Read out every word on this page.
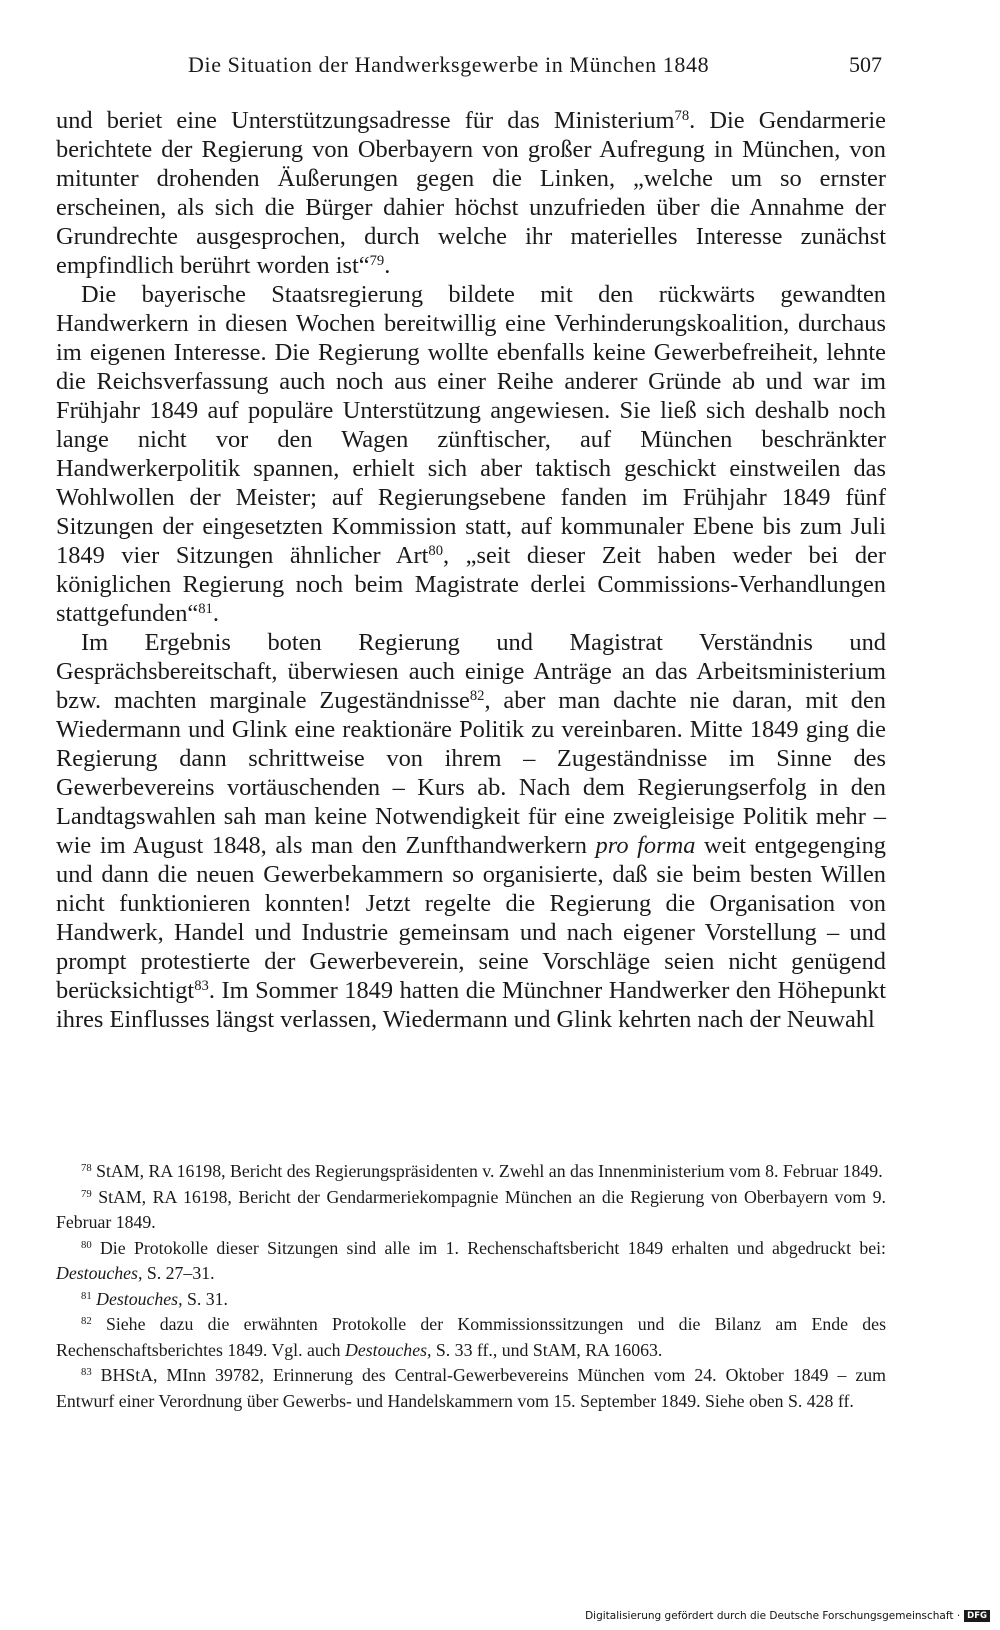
Die Situation der Handwerksgewerbe in München 1848	507

und beriet eine Unterstützungsadresse für das Ministerium$^{78}$. Die Gendarmerie berichtete der Regierung von Oberbayern von großer Aufregung in München, von mitunter drohenden Äußerungen gegen die Linken, „welche um so ernster erscheinen, als sich die Bürger dahier höchst unzufrieden über die Annahme der Grundrechte ausgesprochen, durch welche ihr materielles Interesse zunächst empfindlich berührt worden ist“$^{79}$.

Die bayerische Staatsregierung bildete mit den rückwärts gewandten Handwerkern in diesen Wochen bereitwillig eine Verhinderungskoalition, durchaus im eigenen Interesse. Die Regierung wollte ebenfalls keine Gewerbefreiheit, lehnte die Reichsverfassung auch noch aus einer Reihe anderer Gründe ab und war im Frühjahr 1849 auf populäre Unterstützung angewiesen. Sie ließ sich deshalb noch lange nicht vor den Wagen zünftischer, auf München beschränkter Handwerkerpolitik spannen, erhielt sich aber taktisch geschickt einstweilen das Wohlwollen der Meister; auf Regierungsebene fanden im Frühjahr 1849 fünf Sitzungen der eingesetzten Kommission statt, auf kommunaler Ebene bis zum Juli 1849 vier Sitzungen ähnlicher Art$^{80}$, „seit dieser Zeit haben weder bei der königlichen Regierung noch beim Magistrate derlei Commissions-Verhandlungen stattgefunden“$^{81}$.

Im Ergebnis boten Regierung und Magistrat Verständnis und Gesprächsbereitschaft, überwiesen auch einige Anträge an das Arbeitsministerium bzw. machten marginale Zugeständnisse$^{82}$, aber man dachte nie daran, mit den Wiedermann und Glink eine reaktionäre Politik zu vereinbaren. Mitte 1849 ging die Regierung dann schrittweise von ihrem – Zugeständnisse im Sinne des Gewerbevereins vortäuschenden – Kurs ab. Nach dem Regierungserfolg in den Landtagswahlen sah man keine Notwendigkeit für eine zweigleisige Politik mehr – wie im August 1848, als man den Zunfthandwerkern pro forma weit entgegenging und dann die neuen Gewerbekammern so organisierte, daß sie beim besten Willen nicht funktionieren konnten! Jetzt regelte die Regierung die Organisation von Handwerk, Handel und Industrie gemeinsam und nach eigener Vorstellung – und prompt protestierte der Gewerbeverein, seine Vorschläge seien nicht genügend berücksichtigt$^{83}$. Im Sommer 1849 hatten die Münchner Handwerker den Höhepunkt ihres Einflusses längst verlassen, Wiedermann und Glink kehrten nach der Neuwahl

$^{78}$ StAM, RA 16198, Bericht des Regierungspräsidenten v. Zwehl an das Innenministerium vom 8. Februar 1849.

$^{79}$ StAM, RA 16198, Bericht der Gendarmeriekompagnie München an die Regierung von Oberbayern vom 9. Februar 1849.

$^{80}$ Die Protokolle dieser Sitzungen sind alle im 1. Rechenschaftsbericht 1849 erhalten und abgedruckt bei: Destouches, S. 27–31.

$^{81}$ Destouches, S. 31.

$^{82}$ Siehe dazu die erwähnten Protokolle der Kommissionssitzungen und die Bilanz am Ende des Rechenschaftsberichtes 1849. Vgl. auch Destouches, S. 33 ff., und StAM, RA 16063.

$^{83}$ BHStA, MInn 39782, Erinnerung des Central-Gewerbevereins München vom 24. Oktober 1849 – zum Entwurf einer Verordnung über Gewerbs- und Handelskammern vom 15. September 1849. Siehe oben S. 428 ff.

Digitalisierung gefördert durch die Deutsche Forschungsgemeinschaft · DFG
